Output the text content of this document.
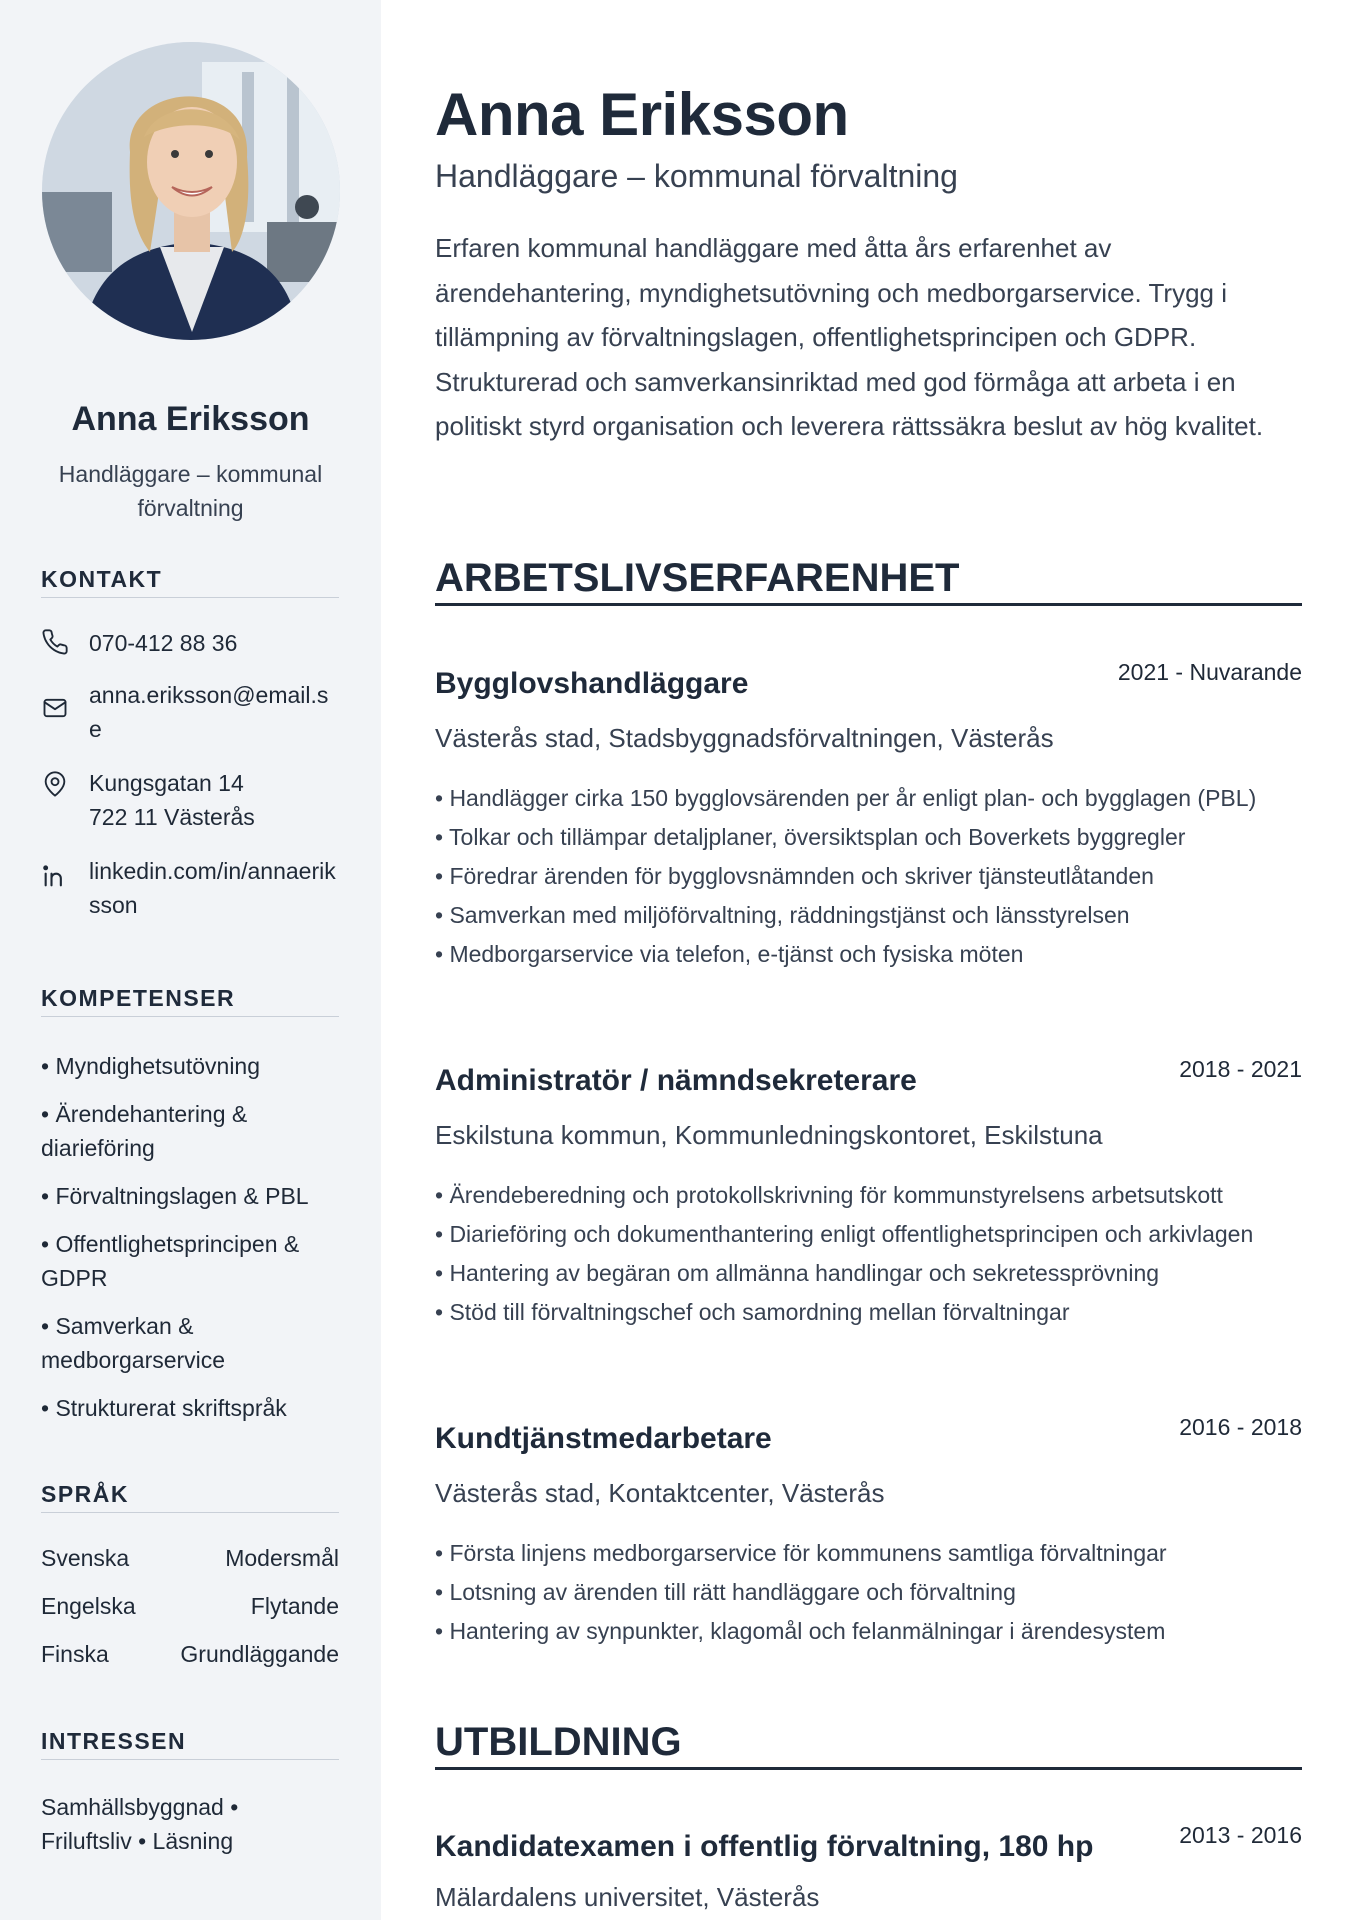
Anna Eriksson
Handläggare – kommunal förvaltning
KONTAKT
070-412 88 36
anna.eriksson@email.se
Kungsgatan 14
722 11 Västerås
linkedin.com/in/annaeriksson
KOMPETENSER
• Myndighetsutövning
• Ärendehantering & diarieföring
• Förvaltningslagen & PBL
• Offentlighetsprincipen & GDPR
• Samverkan & medborgarservice
• Strukturerat skriftspråk
SPRÅK
Svenska	Modersmål
Engelska	Flytande
Finska	Grundläggande
INTRESSEN
Samhällsbyggnad • Friluftsliv • Läsning
Anna Eriksson
Handläggare – kommunal förvaltning
Erfaren kommunal handläggare med åtta års erfarenhet av ärendehantering, myndighetsutövning och medborgarservice. Trygg i tillämpning av förvaltningslagen, offentlighetsprincipen och GDPR. Strukturerad och samverkansinriktad med god förmåga att arbeta i en politiskt styrd organisation och leverera rättssäkra beslut av hög kvalitet.
ARBETSLIVSERFARENHET
Bygglovshandläggare	2021 - Nuvarande
Västerås stad, Stadsbyggnadsförvaltningen, Västerås
• Handlägger cirka 150 bygglovsärenden per år enligt plan- och bygglagen (PBL)
• Tolkar och tillämpar detaljplaner, översiktsplan och Boverkets byggregler
• Föredrar ärenden för bygglovsnämnden och skriver tjänsteutlåtanden
• Samverkan med miljöförvaltning, räddningstjänst och länsstyrelsen
• Medborgarservice via telefon, e-tjänst och fysiska möten
Administratör / nämndsekreterare	2018 - 2021
Eskilstuna kommun, Kommunledningskontoret, Eskilstuna
• Ärendeberedning och protokollskrivning för kommunstyrelsens arbetsutskott
• Diarieföring och dokumenthantering enligt offentlighetsprincipen och arkivlagen
• Hantering av begäran om allmänna handlingar och sekretessprövning
• Stöd till förvaltningschef och samordning mellan förvaltningar
Kundtjänstmedarbetare	2016 - 2018
Västerås stad, Kontaktcenter, Västerås
• Första linjens medborgarservice för kommunens samtliga förvaltningar
• Lotsning av ärenden till rätt handläggare och förvaltning
• Hantering av synpunkter, klagomål och felanmälningar i ärendesystem
UTBILDNING
Kandidatexamen i offentlig förvaltning, 180 hp	2013 - 2016
Mälardalens universitet, Västerås
